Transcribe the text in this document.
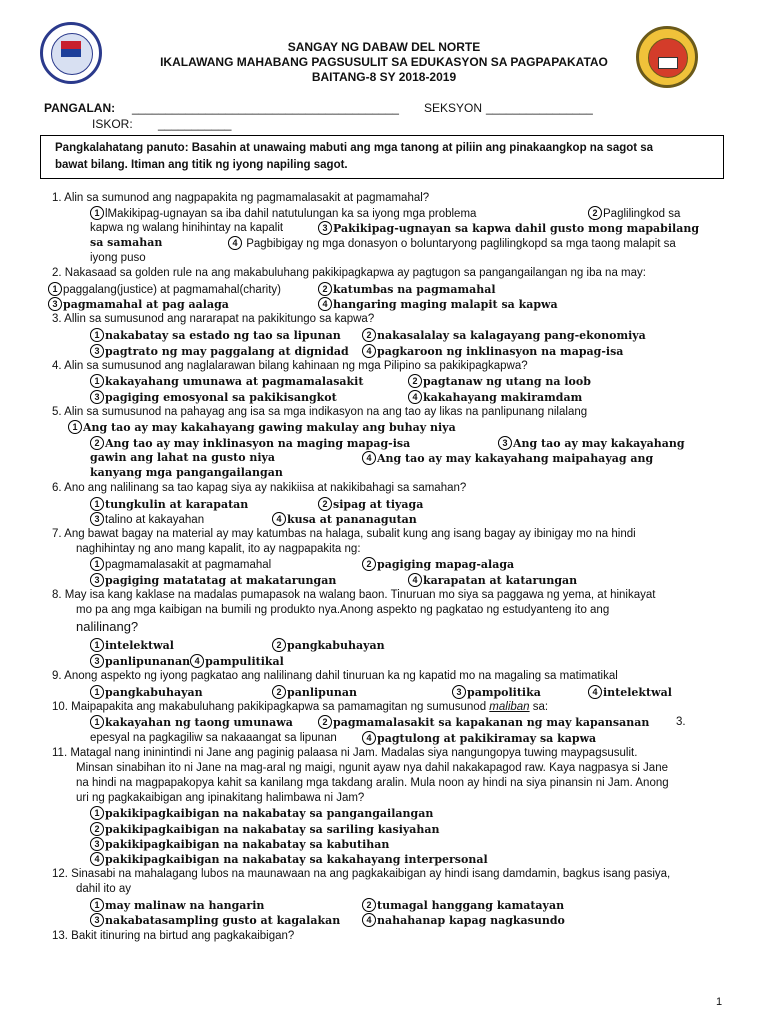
SANGAY NG DABAW DEL NORTE
IKALAWANG MAHABANG PAGSUSULIT SA EDUKASYON SA PAGPAPAKATAO
BAITANG-8 SY 2018-2019
PANGALAN: ________________________________________ SEKSYON ________________
ISKOR: ___________

Pangkalahatang panuto: Basahin at unawaing mabuti ang mga tanong at piliin ang pinakaangkop na sagot sa

bawat bilang. Itiman ang titik ng iyong napiling sagot.

1. Alin sa sumunod ang nagpapakita ng pagmamalasakit at pagmamahal?
1 lMakikipag-ugnayan sa iba dahil natutulungan ka sa iyong mga problema	2 Paglilingkod sa
kapwa ng walang hinihintay na kapalit	3 Pakikipag-ugnayan sa kapwa dahil gusto mong mapabilang
sa samahan	4 Pagbibigay ng mga donasyon o boluntaryong paglilingkopd sa mga taong malapit sa
iyong puso
2. Nakasaad sa golden rule na ang makabuluhang pakikipagkapwa ay pagtugon sa pangangailangan ng iba na may:
1 paggalang(justice) at pagmamahal(charity)	2 katumbas na pagmamahal
3 pagmamahal at pag aalaga	4 hangaring maging malapit sa kapwa
3. Allin sa sumusunod ang nararapat na pakikitungo sa kapwa?
1 nakabatay sa estado ng tao sa lipunan	2 nakasalalay sa kalagayang pang-ekonomiya
3 pagtrato ng may paggalang at dignidad	4 pagkaroon ng inklinasyon na mapag-isa
4. Alin sa sumusunod ang naglalarawan bilang kahinaan ng mga Pilipino sa pakikipagkapwa?
1 kakayahang umunawa at pagmamalasakit	2 pagtanaw ng utang na loob
3 pagiging emosyonal sa pakikisangkot	4 kakahayang makiramdam
5. Alin sa sumusunod na pahayag ang isa sa mga indikasyon na ang tao ay likas na panlipunang nilalang
1 Ang tao ay may kakahayang gawing makulay ang buhay niya
2 Ang tao ay may inklinasyon na maging mapag-isa	3 Ang tao ay may kakayahang
gawin ang lahat na gusto niya	4 Ang tao ay may kakayahang maipahayag ang
kanyang mga pangangailangan
6. Ano ang nalilinang sa tao kapag siya ay nakikiisa at nakikibahagi sa samahan?
1 tungkulin at karapatan	2 sipag at tiyaga
3 talino at kakayahan	4 kusa at pananagutan
7. Ang bawat bagay na material ay may katumbas na halaga, subalit kung ang isang bagay ay ibinigay mo na hindi
naghihintay ng ano mang kapalit, ito ay nagpapakita ng:
1 pagmamalasakit at pagmamahal	2 pagiging mapag-alaga
3 pagiging matatatag at makatarungan	4 karapatan at katarungan
8. May isa kang kaklase na madalas pumapasok na walang baon. Tinuruan mo siya sa paggawa ng yema, at hinikayat
mo pa ang mga kaibigan na bumili ng produkto nya.Anong aspekto ng pagkatao ng estudyanteng ito ang
nalilinang?
1 intelektwal	2 pangkabuhayan
3 panlipunanan 4 pampulitikal
9. Anong aspekto ng iyong pagkatao ang nalilinang dahil tinuruan ka ng kapatid mo na magaling sa matimatikal
1 pangkabuhayan	2 panlipunan	3 pampolitika	4 intelektwal
10. Maipapakita ang makabuluhang pakikipagkapwa sa pamamagitan ng sumusunod maliban sa:
1 kakayahan ng taong umunawa	2 pagmamalasakit sa kapakanan ng may kapansanan 3.
epesyal na pagkagiliw sa nakaaangat sa lipunan	4 pagtulong at pakikiramay sa kapwa
11. Matagal nang ininintindi ni Jane ang paginig palaasa ni Jam. Madalas siya nangungopya tuwing maypagsusulit.
Minsan sinabihan ito ni Jane na mag-aral ng maigi, ngunit ayaw nya dahil nakakapagod raw. Kaya nagpasya si Jane
na hindi na magpapakopya kahit sa kanilang mga takdang aralin. Mula noon ay hindi na siya pinansin ni Jam. Anong
uri ng pagkakaibigan ang ipinakitang halimbawa ni Jam?
1 pakikipagkaibigan na nakabatay sa pangangailangan
2 pakikipagkaibigan na nakabatay sa sariling kasiyahan
3 pakikipagkaibigan na nakabatay sa kabutihan
4 pakikipagkaibigan na nakabatay sa kakahayang interpersonal
12. Sinasabi na mahalagang lubos na maunawaan na ang pagkakaibigan ay hindi isang damdamin, bagkus isang pasiya,
dahil ito ay
1 may malinaw na hangarin	2 tumagal hanggang kamatayan
3 nakabatasampling gusto at kagalakan	4 nahahanap kapag nagkasundo
13. Bakit itinuring na birtud ang pagkakaibigan?
1
